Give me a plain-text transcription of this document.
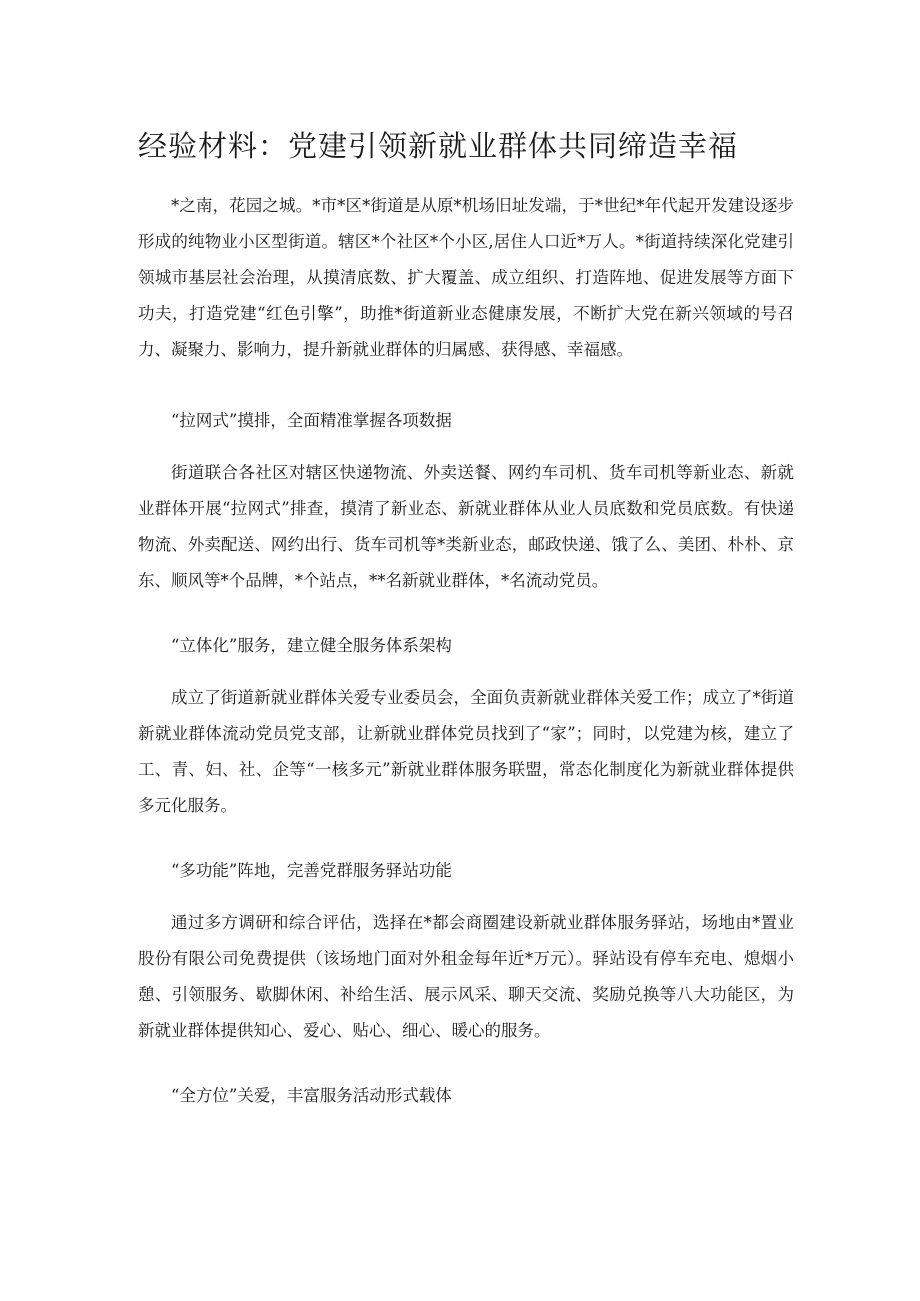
经验材料：党建引领新就业群体共同缔造幸福

*之南，花园之城。*市*区*街道是从原*机场旧址发端，于*世纪*年代起开发建设逐步形成的纯物业小区型街道。辖区*个社区*个小区,居住人口近*万人。*街道持续深化党建引领城市基层社会治理，从摸清底数、扩大覆盖、成立组织、打造阵地、促进发展等方面下功夫，打造党建“红色引擎”，助推*街道新业态健康发展，不断扩大党在新兴领域的号召力、凝聚力、影响力，提升新就业群体的归属感、获得感、幸福感。

“拉网式”摸排，全面精准掌握各项数据

街道联合各社区对辖区快递物流、外卖送餐、网约车司机、货车司机等新业态、新就业群体开展“拉网式”排查，摸清了新业态、新就业群体从业人员底数和党员底数。有快递物流、外卖配送、网约出行、货车司机等*类新业态，邮政快递、饿了么、美团、朴朴、京东、顺风等*个品牌，*个站点，**名新就业群体，*名流动党员。

“立体化”服务，建立健全服务体系架构

成立了街道新就业群体关爱专业委员会，全面负责新就业群体关爱工作；成立了*街道新就业群体流动党员党支部，让新就业群体党员找到了“家”；同时，以党建为核，建立了工、青、妇、社、企等“一核多元”新就业群体服务联盟，常态化制度化为新就业群体提供多元化服务。

“多功能”阵地，完善党群服务驿站功能

通过多方调研和综合评估，选择在*都会商圈建设新就业群体服务驿站，场地由*置业股份有限公司免费提供（该场地门面对外租金每年近*万元）。驿站设有停车充电、熄烟小憩、引领服务、歇脚休闲、补给生活、展示风采、聊天交流、奖励兑换等八大功能区，为新就业群体提供知心、爱心、贴心、细心、暖心的服务。

“全方位”关爱，丰富服务活动形式载体
